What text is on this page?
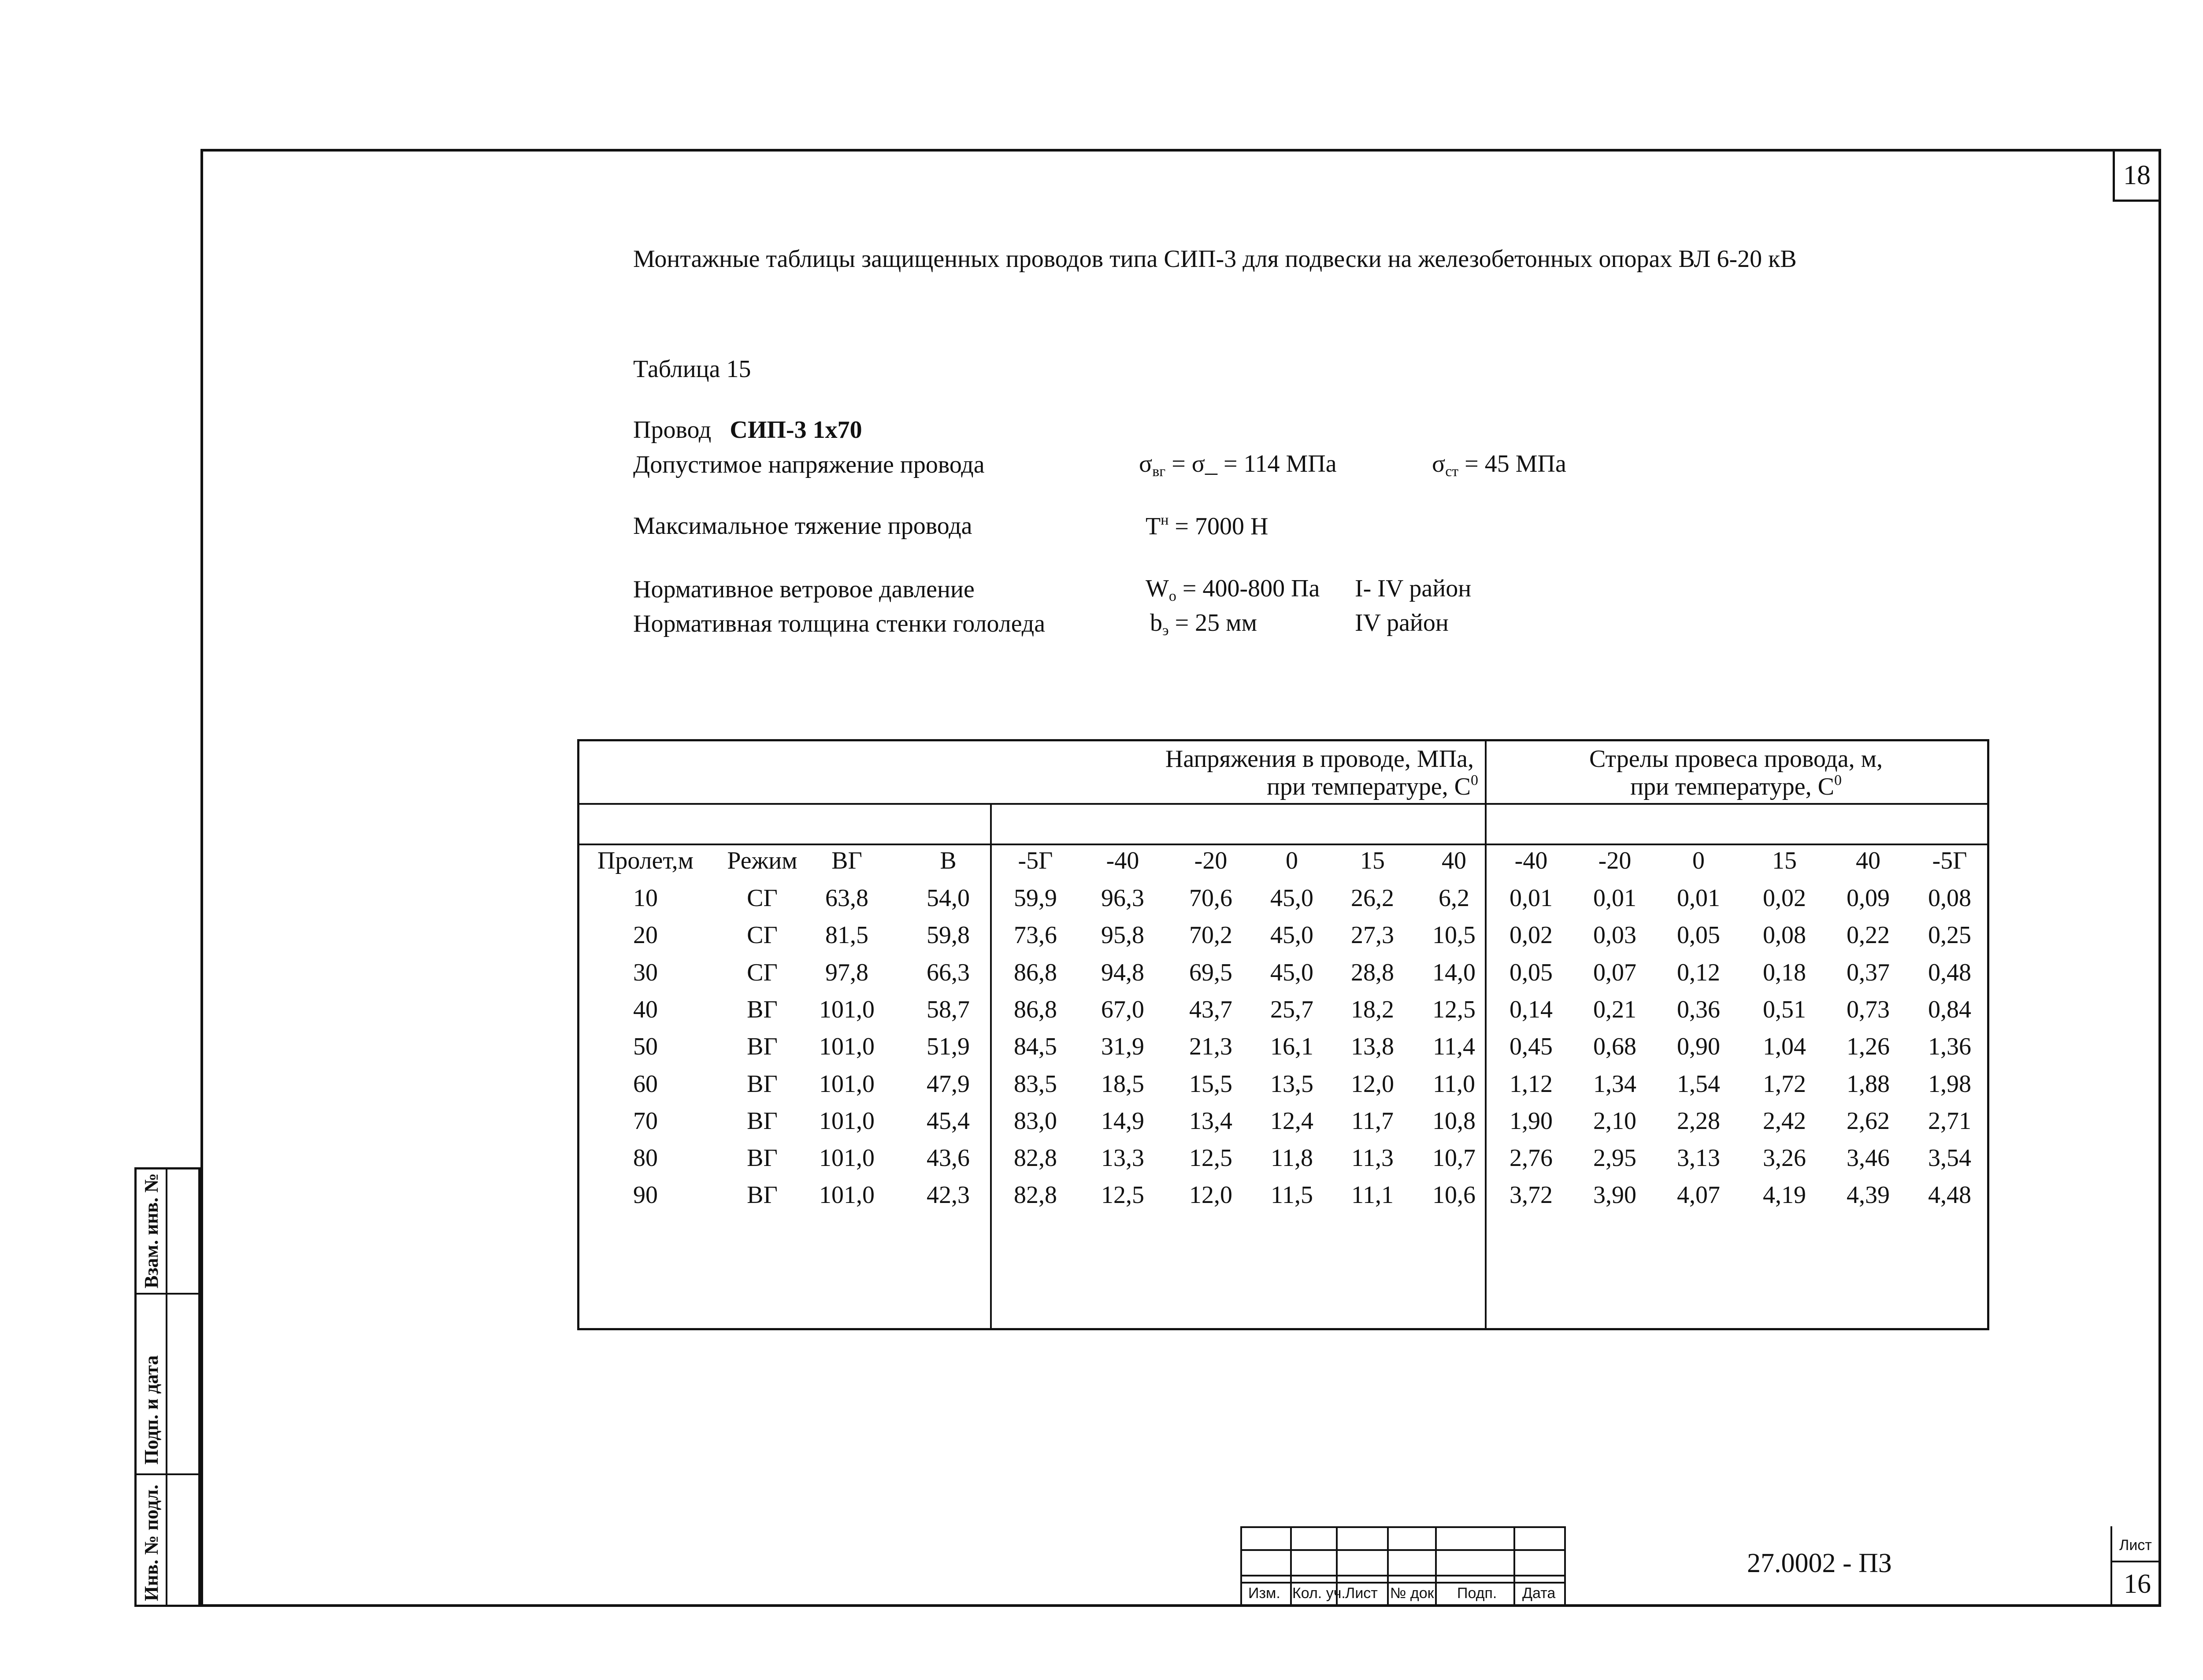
18
Монтажные таблицы защищенных проводов типа СИП-3 для подвески на железобетонных опорах ВЛ 6-20 кВ
Таблица 15
Провод СИП-3 1х70
Допустимое напряжение провода	$\sigma_{вг}$ = σ_ = 114 МПа	$\sigma_{ст} = 45$ МПа
Максимальное тяжение провода	$Т^н = 7000$ Н
Нормативное ветровое давление	$W_o = 400-800$ Па I- IV район
Нормативная толщина стенки гололеда	$b_э = 25$ мм	IV район
Напряжения в проводе, МПа,
при температуре, $С^0$
Стрелы провеса провода, м,
при температуре, $С^0$
Пролет,м	Режим	ВГ	В	-5Г	-40	-20	0	15	40	-40	-20	0	15	40	-5Г
10	СГ	63,8	54,0	59,9	96,3	70,6	45,0	26,2	6,2	0,01	0,01	0,01	0,02	0,09	0,08
20	СГ	81,5	59,8	73,6	95,8	70,2	45,0	27,3	10,5	0,02	0,03	0,05	0,08	0,22	0,25
30	СГ	97,8	66,3	86,8	94,8	69,5	45,0	28,8	14,0	0,05	0,07	0,12	0,18	0,37	0,48
40	ВГ	101,0	58,7	86,8	67,0	43,7	25,7	18,2	12,5	0,14	0,21	0,36	0,51	0,73	0,84
50	ВГ	101,0	51,9	84,5	31,9	21,3	16,1	13,8	11,4	0,45	0,68	0,90	1,04	1,26	1,36
60	ВГ	101,0	47,9	83,5	18,5	15,5	13,5	12,0	11,0	1,12	1,34	1,54	1,72	1,88	1,98
70	ВГ	101,0	45,4	83,0	14,9	13,4	12,4	11,7	10,8	1,90	2,10	2,28	2,42	2,62	2,71
80	ВГ	101,0	43,6	82,8	13,3	12,5	11,8	11,3	10,7	2,76	2,95	3,13	3,26	3,46	3,54
90	ВГ	101,0	42,3	82,8	12,5	12,0	11,5	11,1	10,6	3,72	3,90	4,07	4,19	4,39	4,48
Взам. инв. №
Подп. и дата
Инв. № подл.	Изм. Кол. уч. Лист № док. Подп. Дата
27.0002 - ПЗ
Лист
16
